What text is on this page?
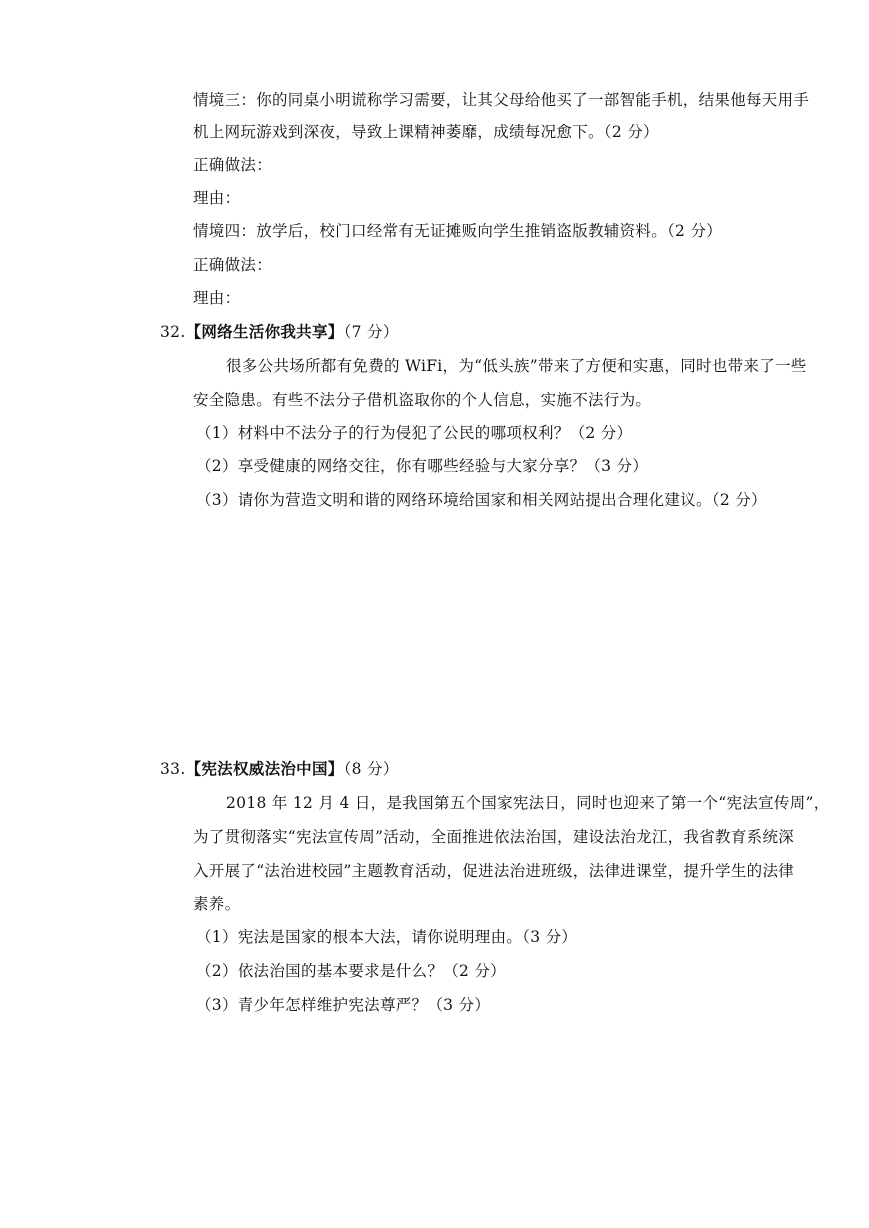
情境三：你的同桌小明谎称学习需要，让其父母给他买了一部智能手机，结果他每天用手
机上网玩游戏到深夜，导致上课精神萎靡，成绩每况愈下。（2 分）
正确做法：
理由：
情境四：放学后，校门口经常有无证摊贩向学生推销盗版教辅资料。（2 分）
正确做法：
理由：
32.【网络生活你我共享】（7 分）
很多公共场所都有免费的 WiFi，为“低头族”带来了方便和实惠，同时也带来了一些
安全隐患。有些不法分子借机盗取你的个人信息，实施不法行为。
（1）材料中不法分子的行为侵犯了公民的哪项权利？（2 分）
（2）享受健康的网络交往，你有哪些经验与大家分享？（3 分）
（3）请你为营造文明和谐的网络环境给国家和相关网站提出合理化建议。（2 分）
33.【宪法权威法治中国】（8 分）
2018 年 12 月 4 日，是我国第五个国家宪法日，同时也迎来了第一个“宪法宣传周”，
为了贯彻落实“宪法宣传周”活动，全面推进依法治国，建设法治龙江，我省教育系统深
入开展了“法治进校园”主题教育活动，促进法治进班级，法律进课堂，提升学生的法律
素养。
（1）宪法是国家的根本大法，请你说明理由。（3 分）
（2）依法治国的基本要求是什么？（2 分）
（3）青少年怎样维护宪法尊严？（3 分）
